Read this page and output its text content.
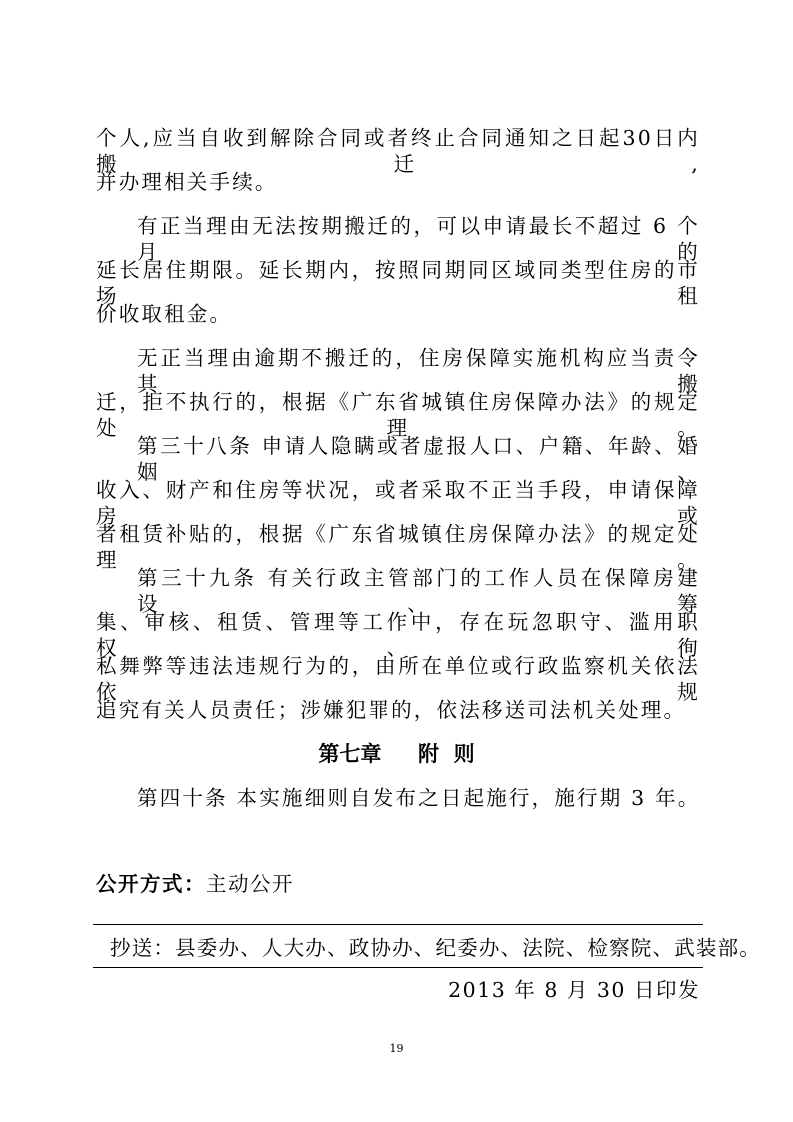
个人,应当自收到解除合同或者终止合同通知之日起30日内搬迁,
并办理相关手续。
有正当理由无法按期搬迁的，可以申请最长不超过 6 个月的
延长居住期限。延长期内，按照同期同区域同类型住房的市场租
价收取租金。
无正当理由逾期不搬迁的，住房保障实施机构应当责令其搬
迁，拒不执行的，根据《广东省城镇住房保障办法》的规定处理。
第三十八条 申请人隐瞒或者虚报人口、户籍、年龄、婚姻、
收入、财产和住房等状况，或者采取不正当手段，申请保障房或
者租赁补贴的，根据《广东省城镇住房保障办法》的规定处理。
第三十九条 有关行政主管部门的工作人员在保障房建设、筹
集、审核、租赁、管理等工作中，存在玩忽职守、滥用职权、徇
私舞弊等违法违规行为的，由所在单位或行政监察机关依法依规
追究有关人员责任；涉嫌犯罪的，依法移送司法机关处理。
第七章     附  则
第四十条 本实施细则自发布之日起施行，施行期 3 年。
公开方式：主动公开
抄送：县委办、人大办、政协办、纪委办、法院、检察院、武装部。
2013 年 8 月 30 日印发
19
